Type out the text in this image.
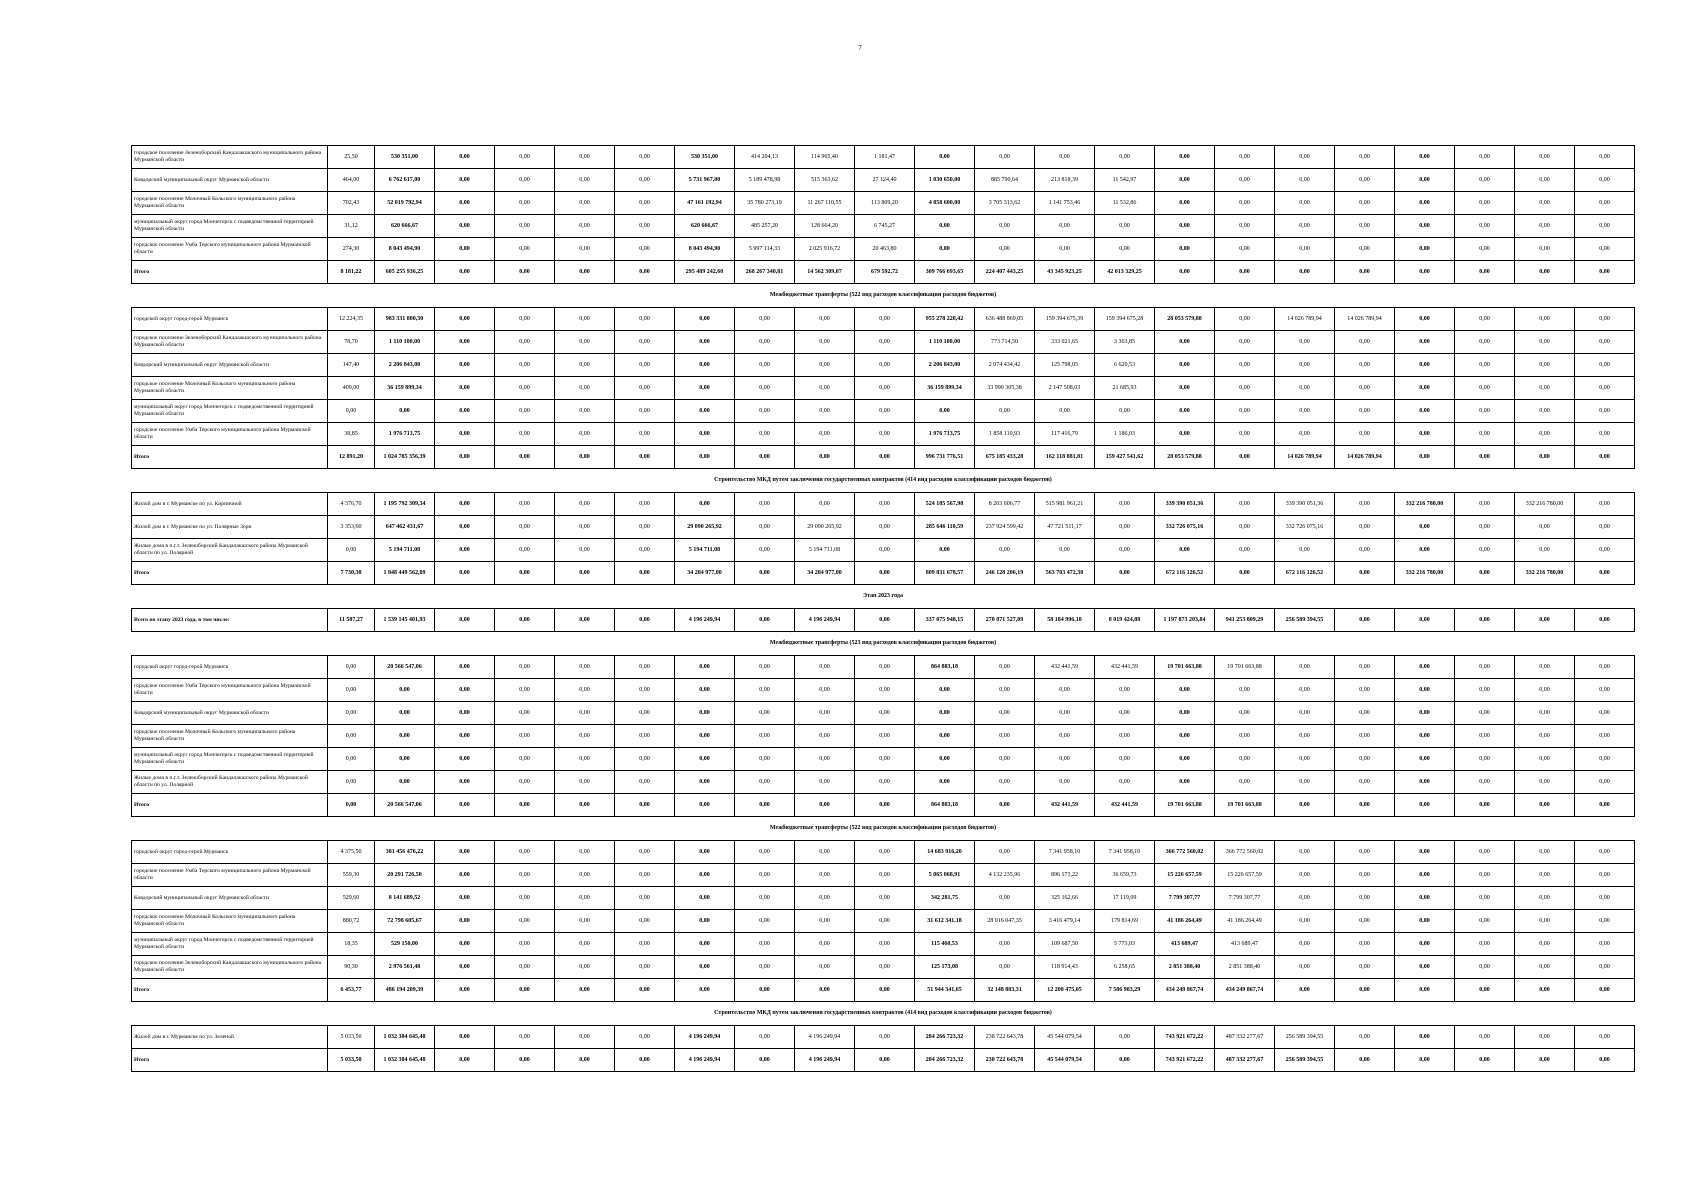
7
городское поселение Зеленоборский Кандалакшского муниципального района Мурманской области	25,50	530 351,00	0,00	0,00	0,00	0,00	530 351,00	414 204,13	114 965,40	1 181,47	0,00	0,00	0,00	0,00	0,00	0,00	0,00	0,00	0,00	0,00	0,00	0,00
Ковдорский муниципальный округ Мурманской области	464,00	6 762 617,00	0,00	0,00	0,00	0,00	5 731 967,00	5 189 478,98	515 363,62	27 124,40	1 030 650,00	885 790,64	213 818,39	11 542,97	0,00	0,00	0,00	0,00	0,00	0,00	0,00	0,00
городское поселение Молочный Кольского муниципального района Мурманской области	702,43	52 019 792,94	0,00	0,00	0,00	0,00	47 161 192,94	35 780 273,19	11 267 110,55	113 809,20	4 858 600,00	3 705 313,62	1 141 753,46	11 532,86	0,00	0,00	0,00	0,00	0,00	0,00	0,00	0,00
муниципальный округ город Мончегорск с подведомственной территорией Мурманской области	31,12	620 666,67	0,00	0,00	0,00	0,00	620 666,67	485 257,20	128 664,20	6 745,27	0,00	0,00	0,00	0,00	0,00	0,00	0,00	0,00	0,00	0,00	0,00	0,00
городское поселение Умба Терского муниципального района Мурманской области	274,30	8 043 494,90	0,00	0,00	0,00	0,00	8 043 494,90	5 997 114,33	2 025 916,72	20 463,80	0,00	0,00	0,00	0,00	0,00	0,00	0,00	0,00	0,00	0,00	0,00	0,00
Итого	8 181,22	605 255 936,25	0,00	0,00	0,00	0,00	295 489 242,60	268 267 340,81	14 562 309,07	679 592,72	309 766 693,65	224 407 443,25	43 345 923,25	42 013 329,25	0,00	0,00	0,00	0,00	0,00	0,00	0,00	0,00
Межбюджетные трансферты (522 вид расходов классификации расходов бюджетов)																						
городской округ город-герой Мурманск	12 224,35	983 331 800,30	0,00	0,00	0,00	0,00	0,00	0,00	0,00	0,00	955 278 220,42	636 488 869,05	159 394 675,39	159 394 675,28	28 053 579,88	0,00	14 026 789,94	14 026 789,94	0,00	0,00	0,00	0,00
городское поселение Зеленоборский Кандалакшского муниципального района Мурманской области	78,70	1 110 100,00	0,00	0,00	0,00	0,00	0,00	0,00	0,00	0,00	1 110 100,00	773 714,50	333 021,65	3 363,85	0,00	0,00	0,00	0,00	0,00	0,00	0,00	0,00
Ковдорский муниципальный округ Мурманской области	147,40	2 206 843,00	0,00	0,00	0,00	0,00	0,00	0,00	0,00	0,00	2 206 843,00	2 074 434,42	125 798,05	6 620,53	0,00	0,00	0,00	0,00	0,00	0,00	0,00	0,00
городское поселение Молочный Кольского муниципального района Мурманской области	409,00	36 159 899,34	0,00	0,00	0,00	0,00	0,00	0,00	0,00	0,00	36 159 899,34	33 990 305,38	2 147 508,03	21 685,93	0,00	0,00	0,00	0,00	0,00	0,00	0,00	0,00
муниципальный округ город Мончегорск с подведомственной территорией Мурманской области	0,00	0,00	0,00	0,00	0,00	0,00	0,00	0,00	0,00	0,00	0,00	0,00	0,00	0,00	0,00	0,00	0,00	0,00	0,00	0,00	0,00	0,00
городское поселение Умба Терского муниципального района Мурманской области	38,85	1 976 713,75	0,00	0,00	0,00	0,00	0,00	0,00	0,00	0,00	1 976 713,75	1 858 110,93	117 416,79	1 186,03	0,00	0,00	0,00	0,00	0,00	0,00	0,00	0,00
Итого	12 891,20	1 024 785 356,39	0,00	0,00	0,00	0,00	0,00	0,00	0,00	0,00	996 731 776,51	675 185 433,28	162 118 881,81	159 427 541,62	28 053 579,88	0,00	14 026 789,94	14 026 789,94	0,00	0,00	0,00	0,00
Строительство МКД путем заключения государственных контрактов (414 вид расходов классификации расходов бюджетов)																						
Жилой дом в г. Мурманске по ул. Кирпичной	4 376,70	1 195 792 309,34	0,00	0,00	0,00	0,00	0,00	0,00	0,00	0,00	524 185 567,98	8 203 606,77	515 981 961,21	0,00	339 390 051,36	0,00	339 390 051,36	0,00	332 216 780,00	0,00	332 216 780,00	0,00
Жилой дом в г. Мурманске по ул. Полярные Зори	3 353,60	647 462 431,67	0,00	0,00	0,00	0,00	29 090 265,92	0,00	29 090 265,92	0,00	285 646 110,59	237 924 599,42	47 721 511,17	0,00	332 726 075,16	0,00	332 726 075,16	0,00	0,00	0,00	0,00	0,00
Жилые дома в п.г.т. Зеленоборский Кандалакшского района Мурманской области по ул. Полярной	0,00	5 194 711,08	0,00	0,00	0,00	0,00	5 194 711,08	0,00	5 194 711,08	0,00	0,00	0,00	0,00	0,00	0,00	0,00	0,00	0,00	0,00	0,00	0,00	0,00
Итого	7 730,30	1 848 449 562,09	0,00	0,00	0,00	0,00	34 284 977,00	0,00	34 284 977,00	0,00	809 831 678,57	246 128 206,19	563 703 472,38	0,00	672 116 126,52	0,00	672 116 126,52	0,00	332 216 780,00	0,00	332 216 780,00	0,00
Этап 2023 года																						
Всего по этапу 2023 года, в том числе:	11 587,27	1 539 145 401,93	0,00	0,00	0,00	0,00	4 196 249,94	0,00	4 196 249,94	0,00	337 075 948,15	270 871 527,09	58 184 996,18	8 019 424,88	1 197 873 203,84	941 253 809,29	256 589 394,55	0,00	0,00	0,00	0,00	0,00
Межбюджетные трансферты (523 вид расходов классификации расходов бюджетов)																						
городской округ город-герой Мурманск	0,00	20 566 547,06	0,00	0,00	0,00	0,00	0,00	0,00	0,00	0,00	864 883,18	0,00	432 441,59	432 441,59	19 701 663,88	19 701 663,88	0,00	0,00	0,00	0,00	0,00	0,00
городское поселение Умба Терского муниципального района Мурманской области	0,00	0,00	0,00	0,00	0,00	0,00	0,00	0,00	0,00	0,00	0,00	0,00	0,00	0,00	0,00	0,00	0,00	0,00	0,00	0,00	0,00	0,00
Ковдорский муниципальный округ Мурманской области	0,00	0,00	0,00	0,00	0,00	0,00	0,00	0,00	0,00	0,00	0,00	0,00	0,00	0,00	0,00	0,00	0,00	0,00	0,00	0,00	0,00	0,00
городское поселение Молочный Кольского муниципального района Мурманской области	0,00	0,00	0,00	0,00	0,00	0,00	0,00	0,00	0,00	0,00	0,00	0,00	0,00	0,00	0,00	0,00	0,00	0,00	0,00	0,00	0,00	0,00
муниципальный округ город Мончегорск с подведомственной территорией Мурманской области	0,00	0,00	0,00	0,00	0,00	0,00	0,00	0,00	0,00	0,00	0,00	0,00	0,00	0,00	0,00	0,00	0,00	0,00	0,00	0,00	0,00	0,00
Жилые дома в п.г.т. Зеленоборский Кандалакшского района Мурманской области по ул. Полярной	0,00	0,00	0,00	0,00	0,00	0,00	0,00	0,00	0,00	0,00	0,00	0,00	0,00	0,00	0,00	0,00	0,00	0,00	0,00	0,00	0,00	0,00
Итого	0,00	20 566 547,06	0,00	0,00	0,00	0,00	0,00	0,00	0,00	0,00	864 883,18	0,00	432 441,59	432 441,59	19 701 663,88	19 701 663,88	0,00	0,00	0,00	0,00	0,00	0,00
Межбюджетные трансферты (522 вид расходов классификации расходов бюджетов)																						
городской округ город-герой Мурманск	4 375,50	381 456 476,22	0,00	0,00	0,00	0,00	0,00	0,00	0,00	0,00	14 683 916,20	0,00	7 341 958,10	7 341 958,10	366 772 560,02	366 772 560,02	0,00	0,00	0,00	0,00	0,00	0,00
городское поселение Умба Терского муниципального района Мурманской области	559,30	20 291 726,50	0,00	0,00	0,00	0,00	0,00	0,00	0,00	0,00	5 065 068,91	4 132 235,96	896 173,22	36 659,73	15 226 657,59	15 226 657,59	0,00	0,00	0,00	0,00	0,00	0,00
Ковдорский муниципальный округ Мурманской области	529,60	8 141 689,52	0,00	0,00	0,00	0,00	0,00	0,00	0,00	0,00	342 281,75	0,00	325 162,66	17 119,09	7 799 307,77	7 799 307,77	0,00	0,00	0,00	0,00	0,00	0,00
городское поселение Молочный Кольского муниципального района Мурманской области	880,72	72 798 605,67	0,00	0,00	0,00	0,00	0,00	0,00	0,00	0,00	31 612 341,18	28 016 047,35	3 416 479,14	179 814,69	41 186 264,49	41 186 264,49	0,00	0,00	0,00	0,00	0,00	0,00
муниципальный округ город Мончегорск с подведомственной территорией Мурманской области	18,35	529 150,00	0,00	0,00	0,00	0,00	0,00	0,00	0,00	0,00	115 460,53	0,00	109 687,50	5 773,03	413 689,47	413 689,47	0,00	0,00	0,00	0,00	0,00	0,00
городское поселение Зеленоборский Кандалакшского муниципального района Мурманской области	90,30	2 976 561,48	0,00	0,00	0,00	0,00	0,00	0,00	0,00	0,00	125 173,08	0,00	118 914,43	6 258,65	2 851 388,40	2 851 388,40	0,00	0,00	0,00	0,00	0,00	0,00
Итого	6 453,77	486 194 209,39	0,00	0,00	0,00	0,00	0,00	0,00	0,00	0,00	51 944 341,65	32 148 883,31	12 208 475,05	7 586 983,29	434 249 867,74	434 249 867,74	0,00	0,00	0,00	0,00	0,00	0,00
Строительство МКД путем заключения государственных контрактов (414 вид расходов классификации расходов бюджетов)																						
Жилой дом в г. Мурманске по ул. Зеленой	5 033,50	1 032 384 645,48	0,00	0,00	0,00	0,00	4 196 249,94	0,00	4 196 249,94	0,00	284 266 723,32	238 722 643,78	45 544 079,54	0,00	743 921 672,22	487 332 277,67	256 589 394,55	0,00	0,00	0,00	0,00	0,00
Итого	5 033,50	1 032 384 645,48	0,00	0,00	0,00	0,00	4 196 249,94	0,00	4 196 249,94	0,00	284 266 723,32	238 722 643,78	45 544 079,54	0,00	743 921 672,22	487 332 277,67	256 589 394,55	0,00	0,00	0,00	0,00	0,00
